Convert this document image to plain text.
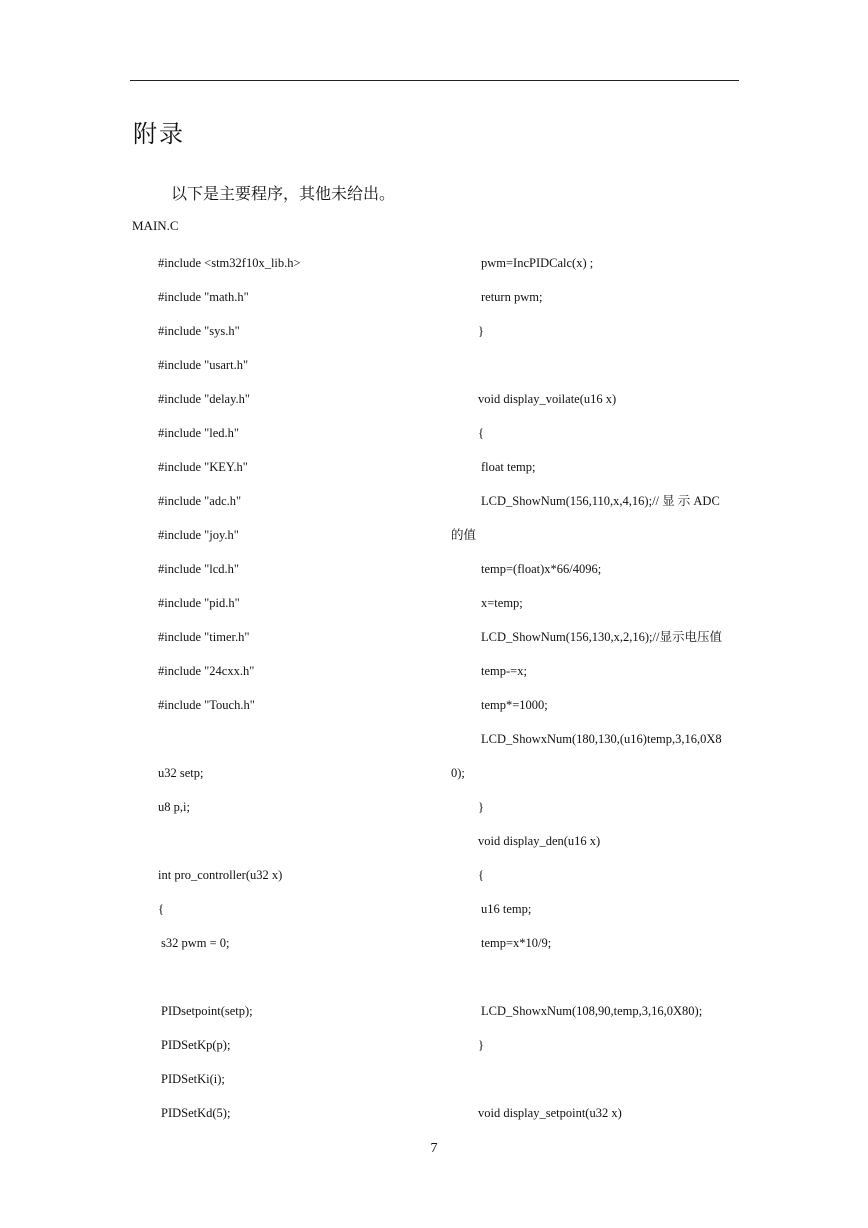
附录
以下是主要程序，其他未给出。
MAIN.C
#include <stm32f10x_lib.h>
#include "math.h"
#include "sys.h"
#include "usart.h"
#include "delay.h"
#include "led.h"
#include "KEY.h"
#include "adc.h"
#include "joy.h"
#include "lcd.h"
#include "pid.h"
#include "timer.h"
#include "24cxx.h"
#include "Touch.h"
u32 setp;
u8 p,i;
int pro_controller(u32 x)
{
s32 pwm = 0;
PIDsetpoint(setp);
PIDSetKp(p);
PIDSetKi(i);
PIDSetKd(5);
pwm=IncPIDCalc(x) ;
return pwm;
}
void display_voilate(u16 x)
{
float temp;
LCD_ShowNum(156,110,x,4,16);// 显 示 ADC
的值
temp=(float)x*66/4096;
x=temp;
LCD_ShowNum(156,130,x,2,16);//显示电压值
temp-=x;
temp*=1000;
LCD_ShowxNum(180,130,(u16)temp,3,16,0X8
0);
}
void display_den(u16 x)
{
u16 temp;
temp=x*10/9;
LCD_ShowxNum(108,90,temp,3,16,0X80);
}
void display_setpoint(u32 x)
7
